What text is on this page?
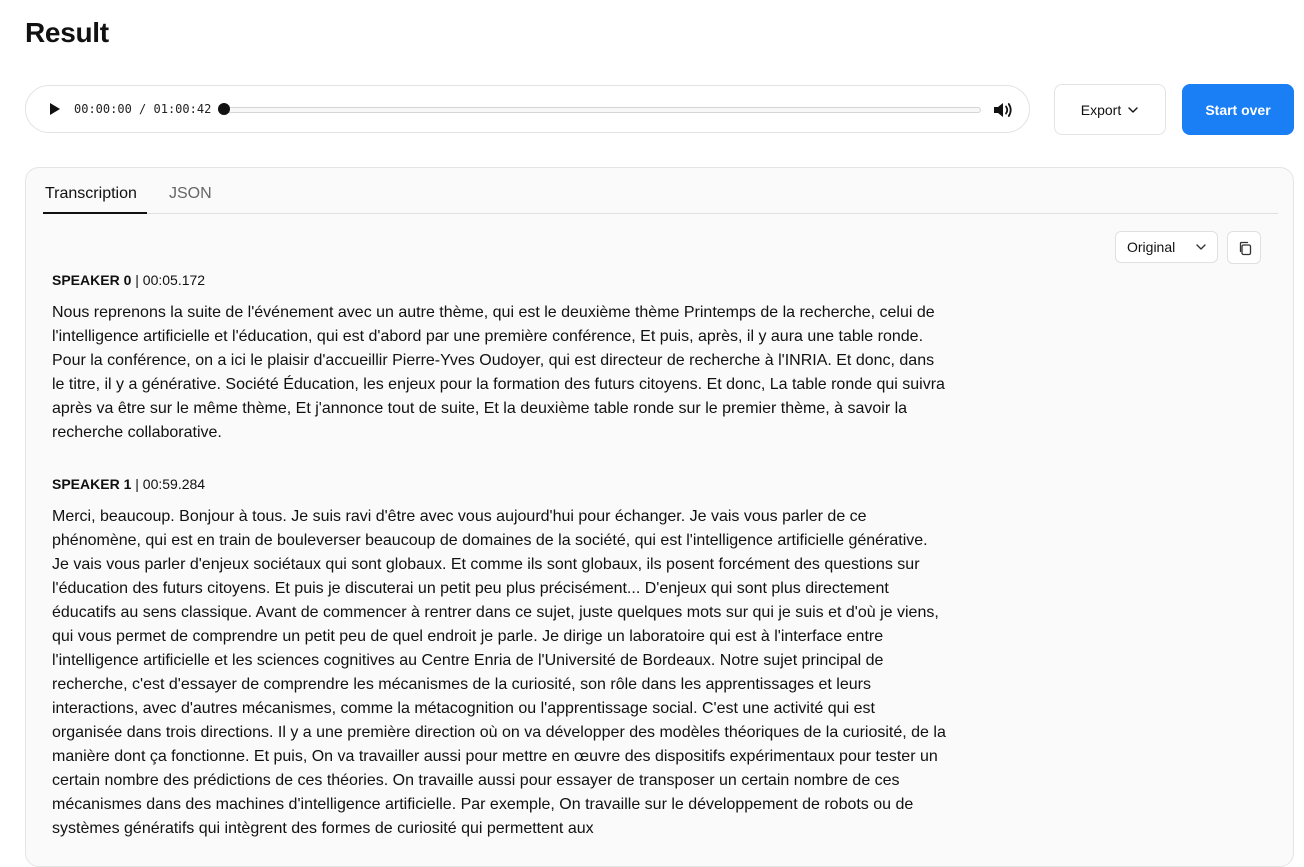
Result
00:00:00 / 01:00:42	Export	Start over
Transcription JSON
Original
SPEAKER 0 | 00:05.172
Nous reprenons la suite de l'événement avec un autre thème, qui est le deuxième thème Printemps de la recherche, celui de l'intelligence artificielle et l'éducation, qui est d'abord par une première conférence, Et puis, après, il y aura une table ronde. Pour la conférence, on a ici le plaisir d'accueillir Pierre-Yves Oudoyer, qui est directeur de recherche à l'INRIA. Et donc, dans le titre, il y a générative. Société Éducation, les enjeux pour la formation des futurs citoyens. Et donc, La table ronde qui suivra après va être sur le même thème, Et j'annonce tout de suite, Et la deuxième table ronde sur le premier thème, à savoir la recherche collaborative.
SPEAKER 1 | 00:59.284
Merci, beaucoup. Bonjour à tous. Je suis ravi d'être avec vous aujourd'hui pour échanger. Je vais vous parler de ce phénomène, qui est en train de bouleverser beaucoup de domaines de la société, qui est l'intelligence artificielle générative. Je vais vous parler d'enjeux sociétaux qui sont globaux. Et comme ils sont globaux, ils posent forcément des questions sur l'éducation des futurs citoyens. Et puis je discuterai un petit peu plus précisément... D'enjeux qui sont plus directement éducatifs au sens classique. Avant de commencer à rentrer dans ce sujet, juste quelques mots sur qui je suis et d'où je viens, qui vous permet de comprendre un petit peu de quel endroit je parle. Je dirige un laboratoire qui est à l'interface entre l'intelligence artificielle et les sciences cognitives au Centre Enria de l'Université de Bordeaux. Notre sujet principal de recherche, c'est d'essayer de comprendre les mécanismes de la curiosité, son rôle dans les apprentissages et leurs interactions, avec d'autres mécanismes, comme la métacognition ou l'apprentissage social. C'est une activité qui est organisée dans trois directions. Il y a une première direction où on va développer des modèles théoriques de la curiosité, de la manière dont ça fonctionne. Et puis, On va travailler aussi pour mettre en œuvre des dispositifs expérimentaux pour tester un certain nombre des prédictions de ces théories. On travaille aussi pour essayer de transposer un certain nombre de ces mécanismes dans des machines d'intelligence artificielle. Par exemple, On travaille sur le développement de robots ou de systèmes génératifs qui intègrent des formes de curiosité qui permettent aux
